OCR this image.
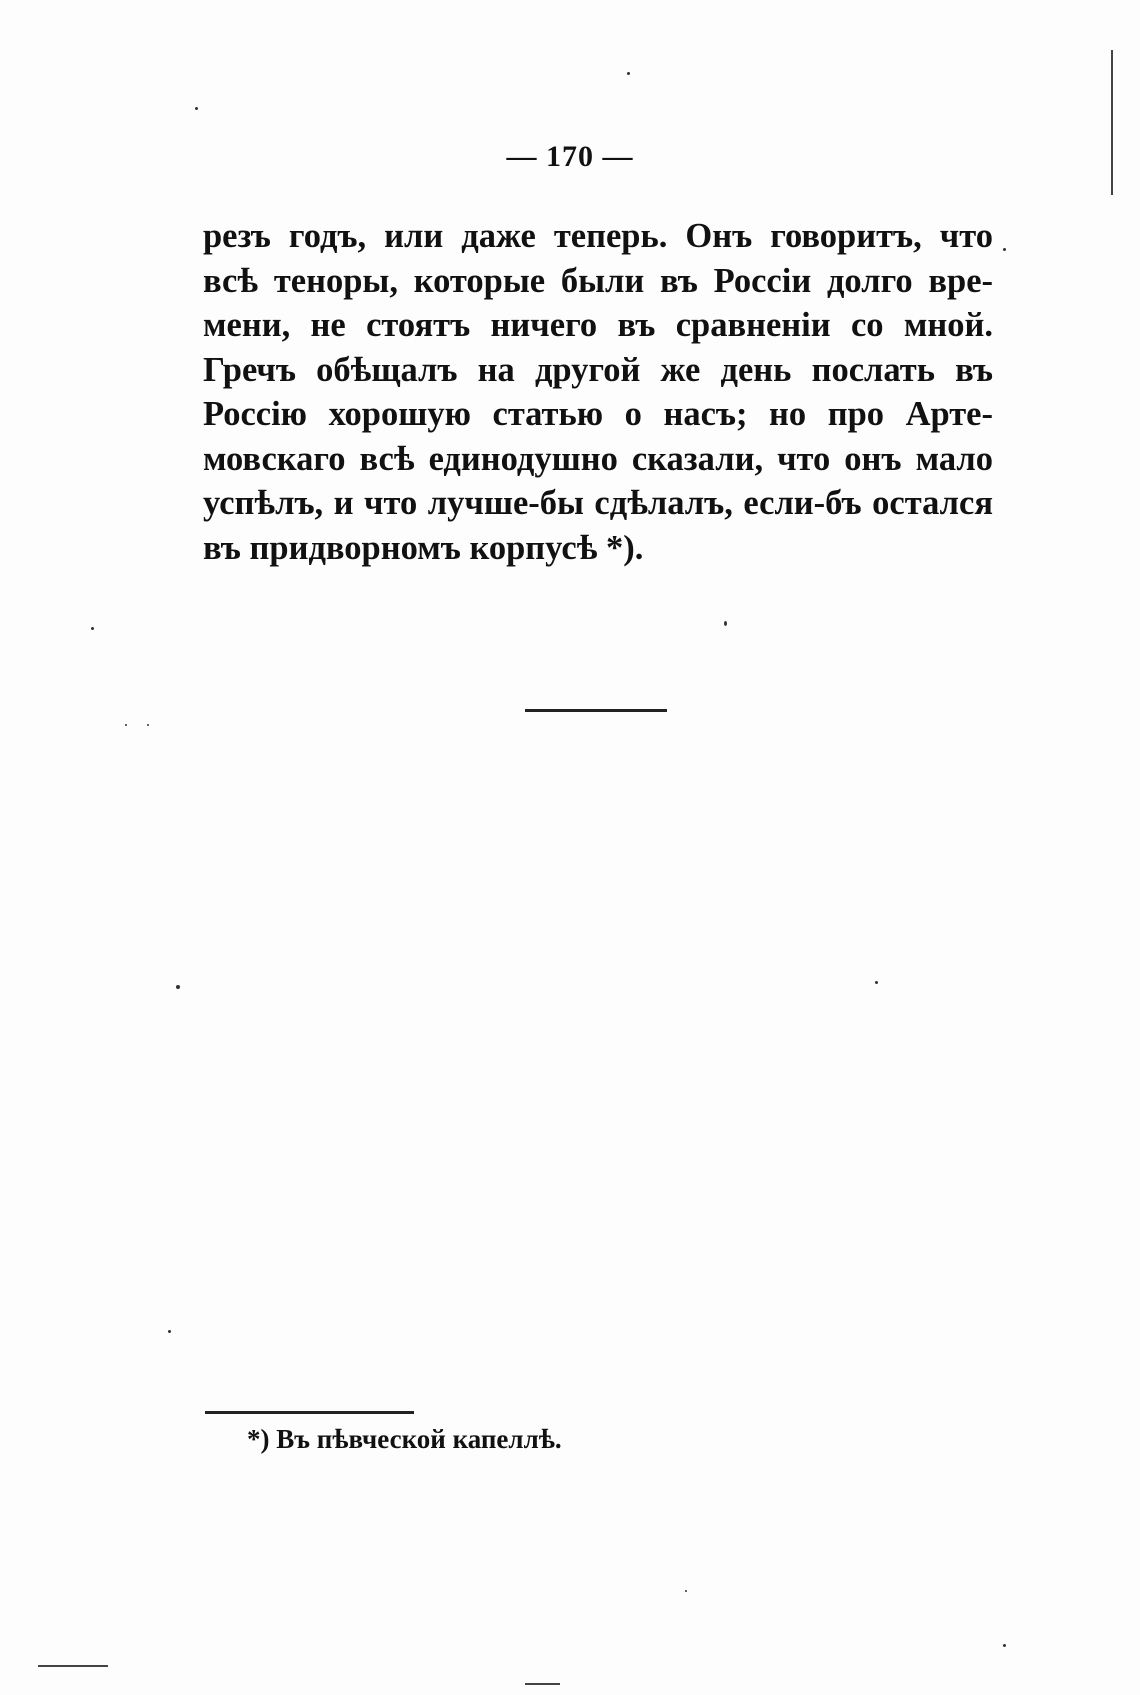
— 170 —
резъ годъ, или даже теперь. Онъ говоритъ, что
всѣ теноры, которые были въ Россіи долго вре-
мени, не стоятъ ничего въ сравненіи со мной.
Гречъ обѣщалъ на другой же день послать въ
Россію хорошую статью о насъ; но про Арте-
мовскаго всѣ единодушно сказали, что онъ мало
успѣлъ, и что лучше-бы сдѣлалъ, если-бъ остался
въ придворномъ корпусѣ *).
*) Въ пѣвческой капеллѣ.
